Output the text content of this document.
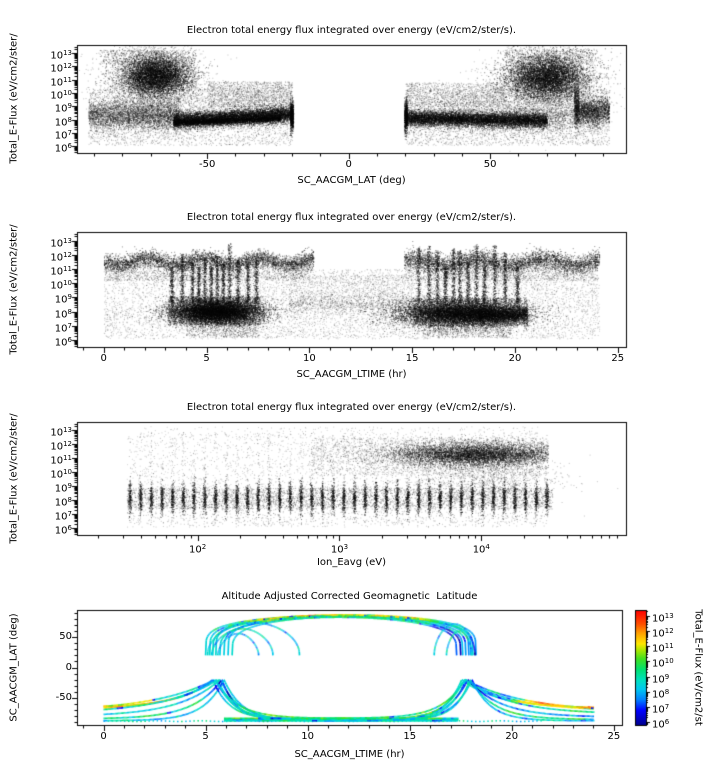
Electron total energy flux integrated over energy (eV/cm2/ster/s).
Total_E-Flux (eV/cm2/ster/
SC_AACGM_LAT (deg)
Electron total energy flux integrated over energy (eV/cm2/ster/s).
Total_E-Flux (eV/cm2/ster/
SC_AACGM_LTIME (hr)
Electron total energy flux integrated over energy (eV/cm2/ster/s).
Total_E-Flux (eV/cm2/ster/
Ion_Eavg (eV)
Altitude Adjusted Corrected Geomagnetic  Latitude
SC_AACGM_LAT (deg)
SC_AACGM_LTIME (hr)
Total_E-Flux (eV/cm2/st
-50	0	50
$10^{13}$
$10^{12}$
$10^{11}$
$10^{10}$
$10^9$
$10^8$
$10^7$
$10^6$
0	5	10	15	20	25
$10^{13}$
$10^{12}$
$10^{11}$
$10^{10}$
$10^9$
$10^8$
$10^7$
$10^6$
$10^2$	$10^3$	$10^4$
$10^{13}$
$10^{12}$
$10^{11}$
$10^{10}$
$10^9$
$10^8$
$10^7$
$10^6$
0	5	10	15	20	25
-50
0
50
$10^{13}$
$10^{12}$
$10^{11}$
$10^{10}$
$10^9$
$10^8$
$10^7$
$10^6$
